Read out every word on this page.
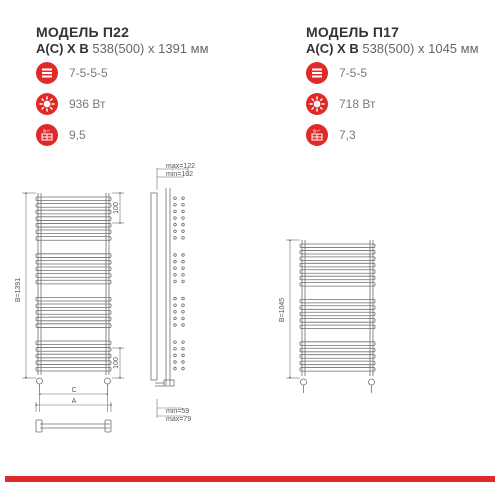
МОДЕЛЬ П22
А(С) Х В 538(500) х 1391 мм
7-5-5-5
936 Вт
S m² 9,5
МОДЕЛЬ П17
А(С) Х В 538(500) х 1045 мм
7-5-5
718 Вт
S m² 7,3
В=1391
100
100
С
А
max=122
min=102
min=59
max=79
В=1045
